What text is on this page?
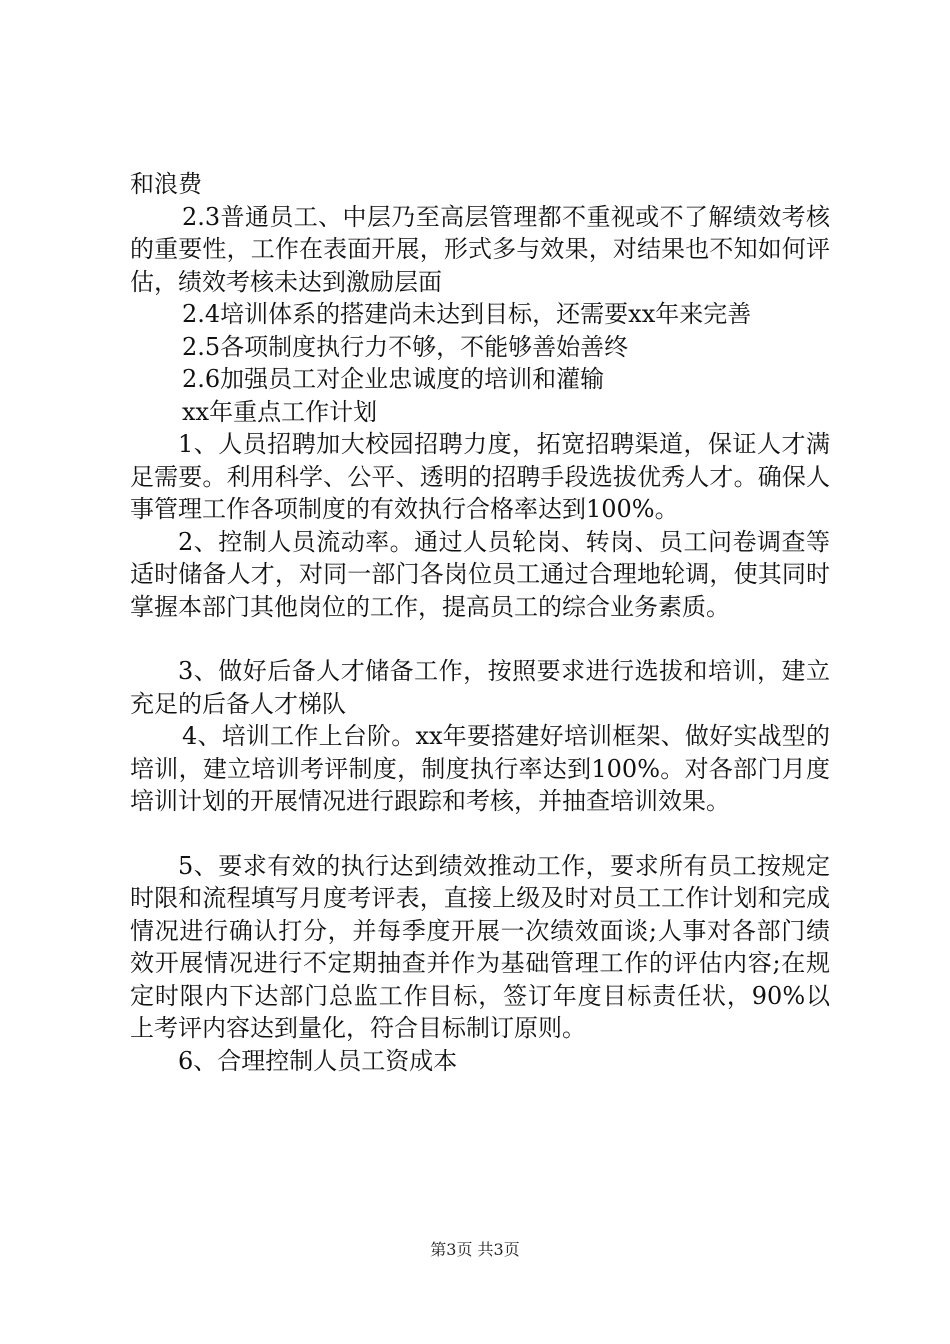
和浪费

2.3普通员工、中层乃至高层管理都不重视或不了解绩效考核的重要性，工作在表面开展，形式多与效果，对结果也不知如何评估，绩效考核未达到激励层面

2.4培训体系的搭建尚未达到目标，还需要xx年来完善

2.5各项制度执行力不够，不能够善始善终

2.6加强员工对企业忠诚度的培训和灌输

xx年重点工作计划

1、人员招聘加大校园招聘力度，拓宽招聘渠道，保证人才满足需要。利用科学、公平、透明的招聘手段选拔优秀人才。确保人事管理工作各项制度的有效执行合格率达到100%。

2、控制人员流动率。通过人员轮岗、转岗、员工问卷调查等适时储备人才，对同一部门各岗位员工通过合理地轮调，使其同时掌握本部门其他岗位的工作，提高员工的综合业务素质。

3、做好后备人才储备工作，按照要求进行选拔和培训，建立充足的后备人才梯队

4、培训工作上台阶。xx年要搭建好培训框架、做好实战型的培训，建立培训考评制度，制度执行率达到100%。对各部门月度培训计划的开展情况进行跟踪和考核，并抽查培训效果。

5、要求有效的执行达到绩效推动工作，要求所有员工按规定时限和流程填写月度考评表，直接上级及时对员工工作计划和完成情况进行确认打分，并每季度开展一次绩效面谈;人事对各部门绩效开展情况进行不定期抽查并作为基础管理工作的评估内容;在规定时限内下达部门总监工作目标，签订年度目标责任状，90%以上考评内容达到量化，符合目标制订原则。

6、合理控制人员工资成本

第3页 共3页
